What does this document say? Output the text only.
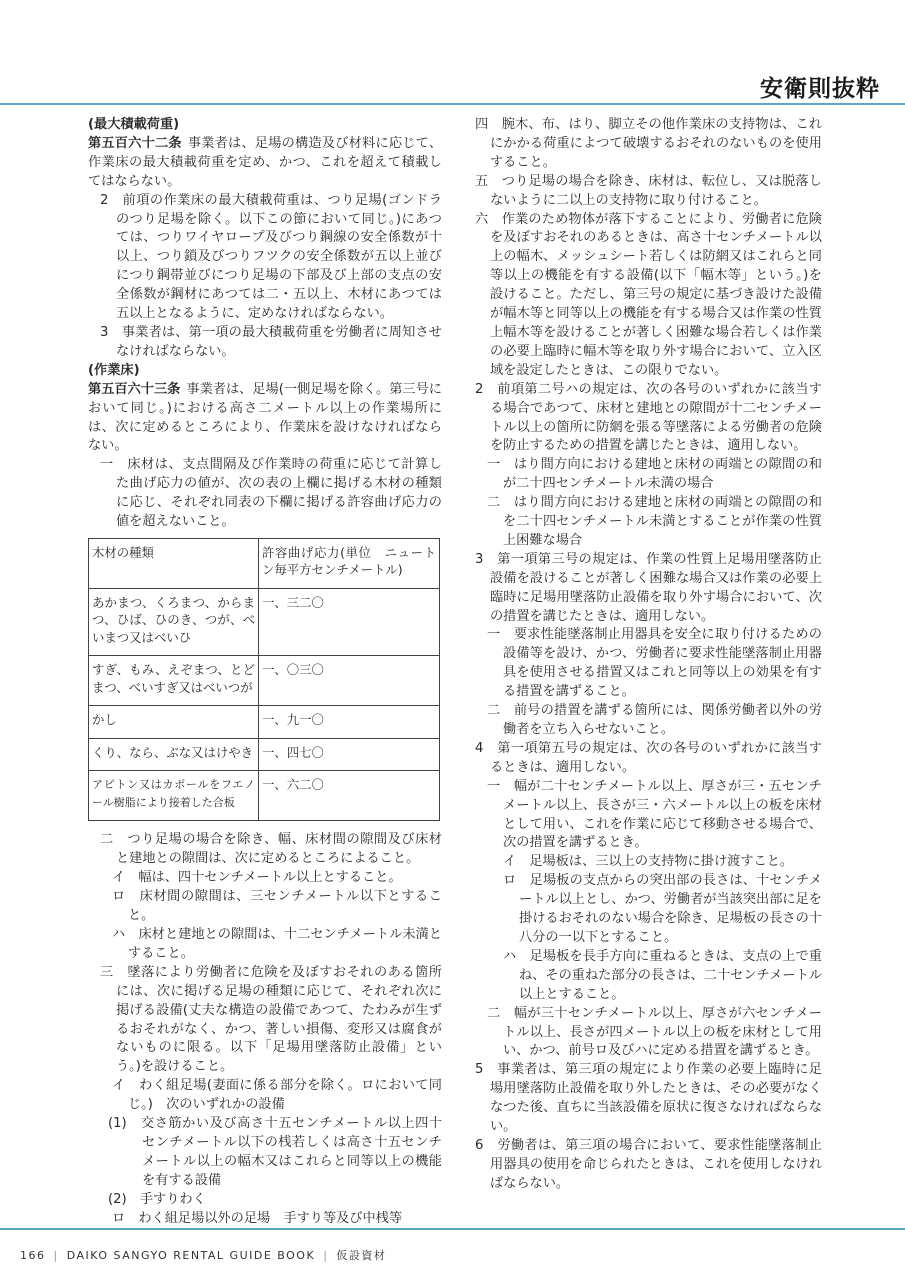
安衛則抜粋

(最大積載荷重)

第五百六十二条 事業者は、足場の構造及び材料に応じて、作業床の最大積載荷重を定め、かつ、これを超えて積載してはならない。

2　前項の作業床の最大積載荷重は、つり足場(ゴンドラのつり足場を除く。以下この節において同じ。)にあつては、つりワイヤロープ及びつり鋼線の安全係数が十以上、つり鎖及びつりフツクの安全係数が五以上並びにつり鋼帯並びにつり足場の下部及び上部の支点の安全係数が鋼材にあつては二・五以上、木材にあつては五以上となるように、定めなければならない。

3　事業者は、第一項の最大積載荷重を労働者に周知させなければならない。

(作業床)

第五百六十三条 事業者は、足場(一側足場を除く。第三号において同じ。)における高さ二メートル以上の作業場所には、次に定めるところにより、作業床を設けなければならない。

一　床材は、支点間隔及び作業時の荷重に応じて計算した曲げ応力の値が、次の表の上欄に掲げる木材の種類に応じ、それぞれ同表の下欄に掲げる許容曲げ応力の値を超えないこと。

木材の種類	許容曲げ応力(単位　ニュートン毎平方センチメートル)
あかまつ、くろまつ、からまつ、ひば、ひのき、つが、べいまつ又はべいひ	一、三二〇
すぎ、もみ、えぞまつ、とどまつ、べいすぎ又はべいつが	一、〇三〇
かし	一、九一〇
くり、なら、ぶな又はけやき	一、四七〇
アピトン又はカポールをフエノール樹脂により接着した合板	一、六二〇

二　つり足場の場合を除き、幅、床材間の隙間及び床材と建地との隙間は、次に定めるところによること。

イ　幅は、四十センチメートル以上とすること。

ロ　床材間の隙間は、三センチメートル以下とすること。

ハ　床材と建地との隙間は、十二センチメートル未満とすること。

三　墜落により労働者に危険を及ぼすおそれのある箇所には、次に掲げる足場の種類に応じて、それぞれ次に掲げる設備(丈夫な構造の設備であつて、たわみが生ずるおそれがなく、かつ、著しい損傷、変形又は腐食がないものに限る。以下「足場用墜落防止設備」という。)を設けること。

イ　わく組足場(妻面に係る部分を除く。ロにおいて同じ。)　次のいずれかの設備

(1)　交さ筋かい及び高さ十五センチメートル以上四十センチメートル以下の桟若しくは高さ十五センチメートル以上の幅木又はこれらと同等以上の機能を有する設備

(2)　手すりわく

ロ　わく組足場以外の足場　手すり等及び中桟等

四　腕木、布、はり、脚立その他作業床の支持物は、これにかかる荷重によつて破壊するおそれのないものを使用すること。

五　つり足場の場合を除き、床材は、転位し、又は脱落しないように二以上の支持物に取り付けること。

六　作業のため物体が落下することにより、労働者に危険を及ぼすおそれのあるときは、高さ十センチメートル以上の幅木、メッシュシート若しくは防網又はこれらと同等以上の機能を有する設備(以下「幅木等」という。)を設けること。ただし、第三号の規定に基づき設けた設備が幅木等と同等以上の機能を有する場合又は作業の性質上幅木等を設けることが著しく困難な場合若しくは作業の必要上臨時に幅木等を取り外す場合において、立入区域を設定したときは、この限りでない。

2　前項第二号ハの規定は、次の各号のいずれかに該当する場合であつて、床材と建地との隙間が十二センチメートル以上の箇所に防網を張る等墜落による労働者の危険を防止するための措置を講じたときは、適用しない。

一　はり間方向における建地と床材の両端との隙間の和が二十四センチメートル未満の場合

二　はり間方向における建地と床材の両端との隙間の和を二十四センチメートル未満とすることが作業の性質上困難な場合

3　第一項第三号の規定は、作業の性質上足場用墜落防止設備を設けることが著しく困難な場合又は作業の必要上臨時に足場用墜落防止設備を取り外す場合において、次の措置を講じたときは、適用しない。

一　要求性能墜落制止用器具を安全に取り付けるための設備等を設け、かつ、労働者に要求性能墜落制止用器具を使用させる措置又はこれと同等以上の効果を有する措置を講ずること。

二　前号の措置を講ずる箇所には、関係労働者以外の労働者を立ち入らせないこと。

4　第一項第五号の規定は、次の各号のいずれかに該当するときは、適用しない。

一　幅が二十センチメートル以上、厚さが三・五センチメートル以上、長さが三・六メートル以上の板を床材として用い、これを作業に応じて移動させる場合で、次の措置を講ずるとき。

イ　足場板は、三以上の支持物に掛け渡すこと。

ロ　足場板の支点からの突出部の長さは、十センチメートル以上とし、かつ、労働者が当該突出部に足を掛けるおそれのない場合を除き、足場板の長さの十八分の一以下とすること。

ハ　足場板を長手方向に重ねるときは、支点の上で重ね、その重ねた部分の長さは、二十センチメートル以上とすること。

二　幅が三十センチメートル以上、厚さが六センチメートル以上、長さが四メートル以上の板を床材として用い、かつ、前号ロ及びハに定める措置を講ずるとき。

5　事業者は、第三項の規定により作業の必要上臨時に足場用墜落防止設備を取り外したときは、その必要がなくなつた後、直ちに当該設備を原状に復さなければならない。

6　労働者は、第三項の場合において、要求性能墜落制止用器具の使用を命じられたときは、これを使用しなければならない。

166 | DAIKO SANGYO RENTAL GUIDE BOOK | 仮設資材
